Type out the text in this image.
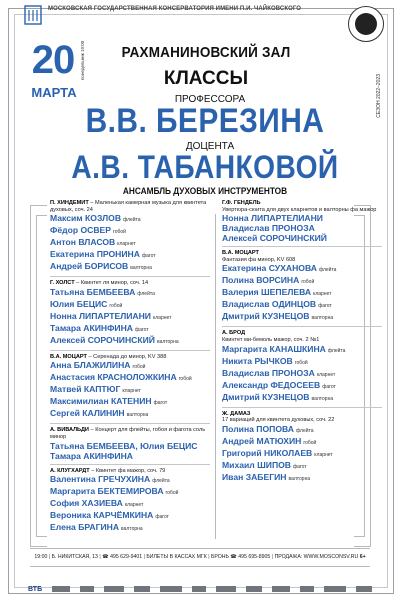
МОСКОВСКАЯ ГОСУДАРСТВЕННАЯ КОНСЕРВАТОРИЯ ИМЕНИ П.И. ЧАЙКОВСКОГО
СЕЗОН 2022–2023
20	понедельник 19:00
МАРТА
РАХМАНИНОВСКИЙ ЗАЛ
КЛАССЫ
ПРОФЕССОРА
В.В. БЕРЕЗИНА
ДОЦЕНТА
А.В. ТАБАНКОВОЙ
АНСАМБЛЬ ДУХОВЫХ ИНСТРУМЕНТОВ
П. ХИНДЕМИТ – Маленькая камерная музыка для квинтета духовых, соч. 24
Максим КОЗЛОВ флейта
Фёдор ОСВЕР гобой
Антон ВЛАСОВ кларнет
Екатерина ПРОНИНА фагот
Андрей БОРИСОВ валторна
Г. ХОЛСТ – Квинтет ля минор, соч. 14
Татьяна БЕМБЕЕВА флейта
Юлия БЕЦИС гобой
Нонна ЛИПАРТЕЛИАНИ кларнет
Тамара АКИНФИНА фагот
Алексей СОРОЧИНСКИЙ валторна
В.А. МОЦАРТ – Серенада до минор, KV 388
Анна БЛАЖИЛИНА гобой
Анастасия КРАСНОЛОЖКИНА гобой
Матвей КАПТЮГ кларнет
Максимилиан КАТЕНИН фагот
Сергей КАЛИНИН валторна
А. ВИВАЛЬДИ – Концерт для флейты, гобоя и фагота соль минор
Татьяна БЕМБЕЕВА, Юлия БЕЦИС
Тамара АКИНФИНА
А. КЛУГХАРДТ – Квинтет фа мажор, соч. 79
Валентина ГРЕЧУХИНА флейта
Маргарита БЕКТЕМИРОВА гобой
София ХАЗИЕВА кларнет
Вероника КАРЧЁМКИНА фагот
Елена БРАГИНА валторна
Г.Ф. ГЕНДЕЛЬ
Увертюра-сюита для двух кларнетов и валторны фа мажор
Нонна ЛИПАРТЕЛИАНИ
Владислав ПРОНОЗА
Алексей СОРОЧИНСКИЙ
В.А. МОЦАРТ
Фантазия фа минор, KV 608
Екатерина СУХАНОВА флейта
Полина ВОРСИНА гобой
Валерия ШЕПЕЛЕВА кларнет
Владислав ОДИНЦОВ фагот
Дмитрий КУЗНЕЦОВ валторна
А. БРОД
Квинтет ми-бемоль мажор, соч. 2 №1
Маргарита КАНАШКИНА флейта
Никита РЫЧКОВ гобой
Владислав ПРОНОЗА кларнет
Александр ФЕДОСЕЕВ фагот
Дмитрий КУЗНЕЦОВ валторна
Ж. ДАМАЗ
17 вариаций для квинтета духовых, соч. 22
Полина ПОПОВА флейта
Андрей МАТЮХИН гобой
Григорий НИКОЛАЕВ кларнет
Михаил ШИПОВ фагот
Иван ЗАБЕГИН валторна
19:00 | Б. НИКИТСКАЯ, 13 | ☎ 495 629-9401 | БИЛЕТЫ В КАССАХ МГК | БРОНЬ ☎ 495 695-8905 | ПРОДАЖА: WWW.MOSCONSV.RU 6+
ВТБ
